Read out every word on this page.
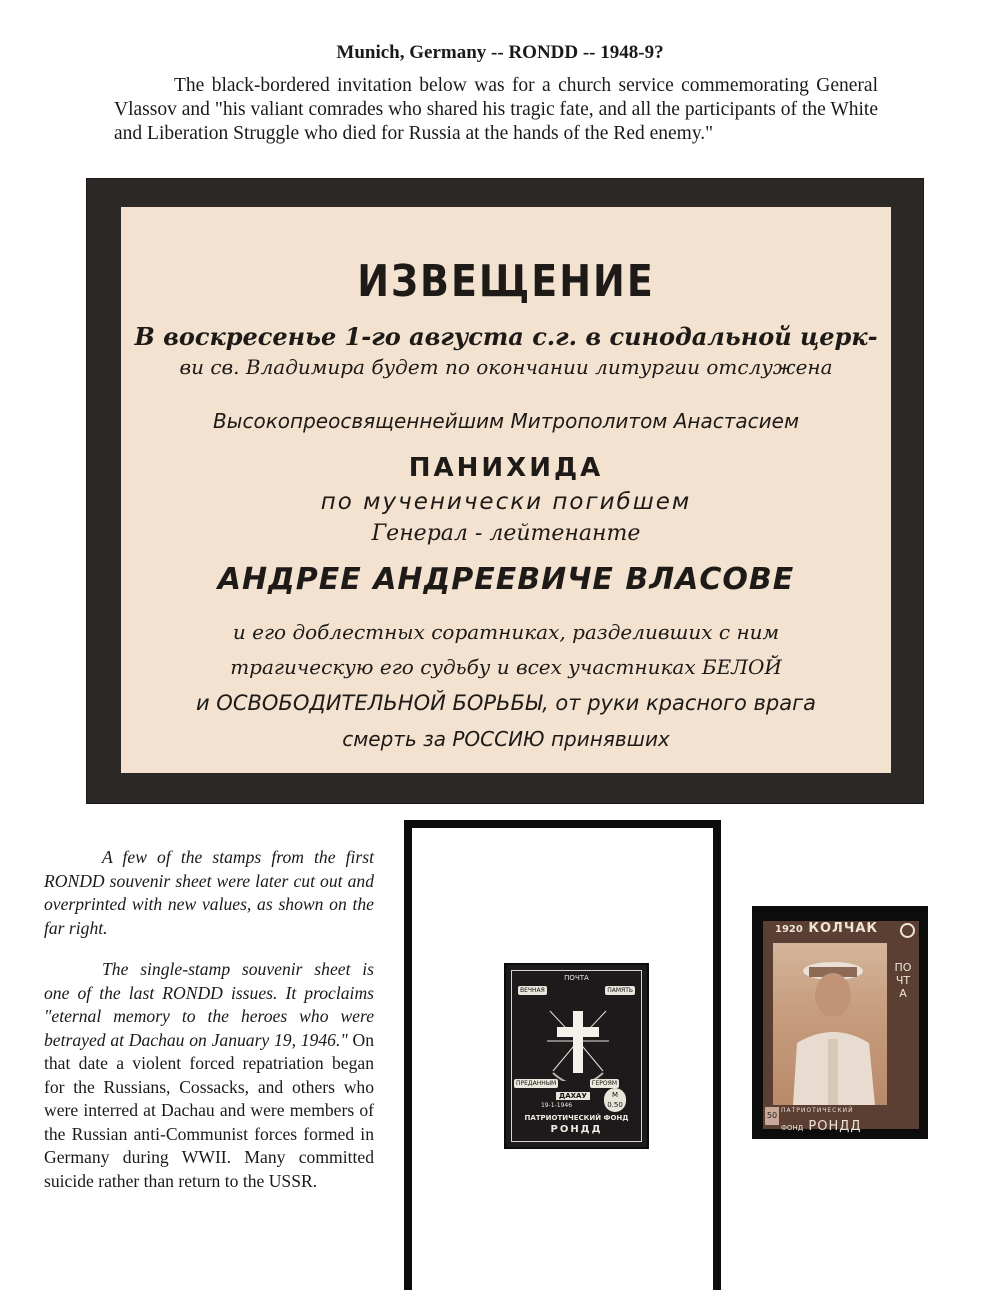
Munich, Germany -- RONDD -- 1948-9?
The black-bordered invitation below was for a church service commemorating General Vlassov and "his valiant comrades who shared his tragic fate, and all the participants of the White and Liberation Struggle who died for Russia at the hands of the Red enemy."
ИЗВЕЩЕНИЕ
В воскресенье 1-го августа с.г. в синодальной церк-
ви св. Владимира будет по окончании литургии отслужена
Высокопреосвященнейшим Митрополитом Анастасием
ПАНИХИДА
по мученически погибшем
Генерал - лейтенанте
АНДРЕЕ АНДРЕЕВИЧЕ ВЛАСОВЕ
и его доблестных соратниках, разделивших с ним
трагическую его судьбу и всех участниках БЕЛОЙ
и ОСВОБОДИТЕЛЬНОЙ БОРЬБЫ, от руки красного врага
смерть за РОССИЮ принявших
A few of the stamps from the first RONDD souvenir sheet were later cut out and overprinted with new values, as shown on the far right.
The single-stamp souvenir sheet is one of the last RONDD issues. It proclaims "eternal memory to the heroes who were betrayed at Dachau on January 19, 1946." On that date a violent forced repatriation began for the Russians, Cossacks, and others who were interred at Dachau and were members of the Russian anti-Communist forces formed in Germany during WWII. Many committed suicide rather than return to the USSR.
ПОЧТА
ВЕЧНАЯ	ПАМЯТЬ
ПРЕДАННЫМ	ГЕРОЯМ
ДАХАУ
19-1-1946
М 0.50
ПАТРИОТИЧЕСКИЙ ФОНД
РОНДД
1920 КОЛЧАК
ПОЧТА
50
ПАТРИОТИЧЕСКИЙ
ФОНД РОНДД
